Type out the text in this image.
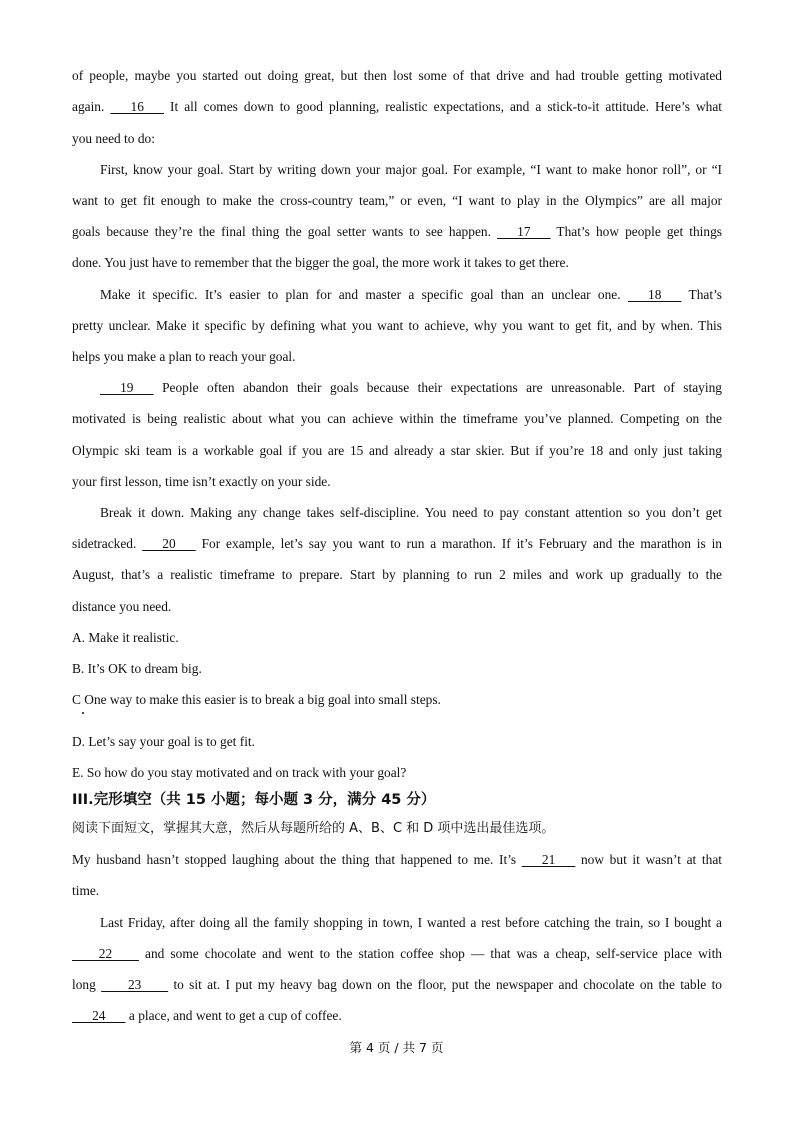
of people, maybe you started out doing great, but then lost some of that drive and had trouble getting motivated
again.       16       It all comes down to good planning, realistic expectations, and a stick-to-it attitude. Here’s what
you need to do:
First, know your goal. Start by writing down your major goal. For example, “I want to make honor roll”, or “I
want to get fit enough to make the cross-country team,” or even, “I want to play in the Olympics” are all major
goals because they’re the final thing the goal setter wants to see happen.       17       That’s how people get things
done. You just have to remember that the bigger the goal, the more work it takes to get there.
Make it specific. It’s easier to plan for and master a specific goal than an unclear one.       18       That’s
pretty unclear. Make it specific by defining what you want to achieve, why you want to get fit, and by when. This
helps you make a plan to reach your goal.
19       People often abandon their goals because their expectations are unreasonable. Part of staying
motivated is being realistic about what you can achieve within the timeframe you’ve planned. Competing on the
Olympic ski team is a workable goal if you are 15 and already a star skier. But if you’re 18 and only just taking
your first lesson, time isn’t exactly on your side.
Break it down. Making any change takes self-discipline. You need to pay constant attention so you don’t get
sidetracked.       20       For example, let’s say you want to run a marathon. If it’s February and the marathon is in
August, that’s a realistic timeframe to prepare. Start by planning to run 2 miles and work up gradually to the
distance you need.
A. Make it realistic.
B. It’s OK to dream big.
C One way to make this easier is to break a big goal into small steps.
D. Let’s say your goal is to get fit.
E. So how do you stay motivated and on track with your goal?
III.完形填空（共 15 小题；每小题 3 分，满分 45 分）
阅读下面短文，掌握其大意，然后从每题所给的 A、B、C 和 D 项中选出最佳选项。
My husband hasn’t stopped laughing about the thing that happened to me. It’s       21       now but it wasn’t at that
time.
Last Friday, after doing all the family shopping in town, I wanted a rest before catching the train, so I bought a
22         and some chocolate and went to the station coffee shop — that was a cheap, self-service place with
long         23         to sit at. I put my heavy bag down on the floor, put the newspaper and chocolate on the table to
24       a place, and went to get a cup of coffee.
第 4 页 / 共 7 页
